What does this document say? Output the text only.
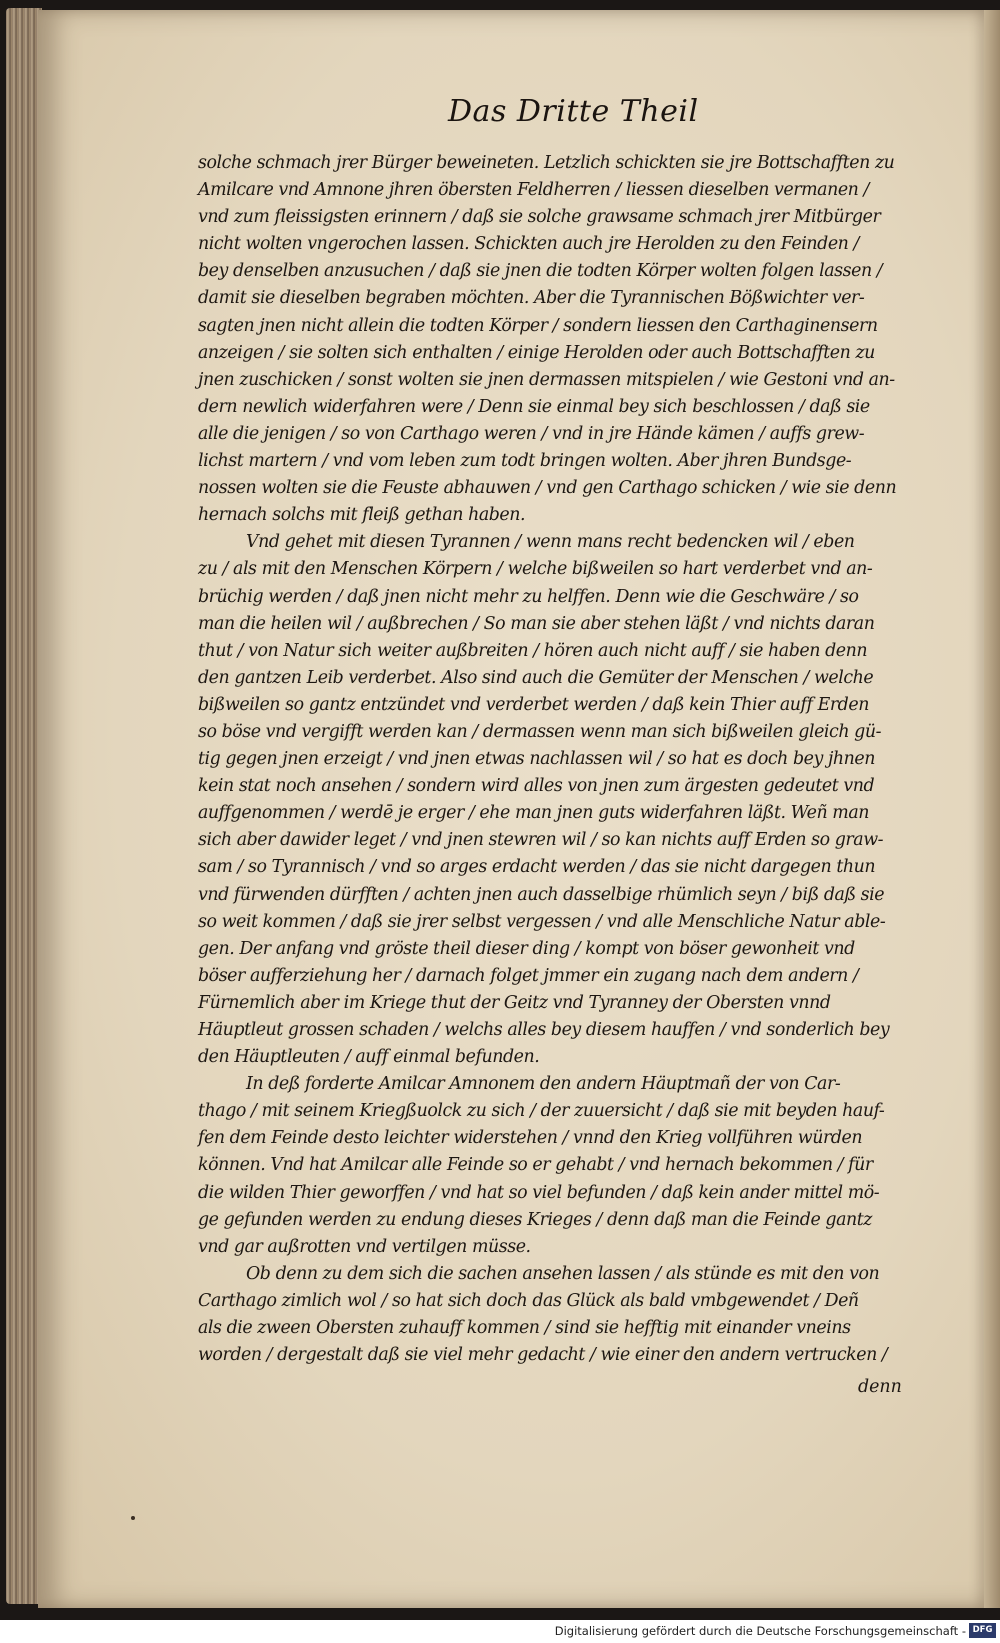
Das Dritte Theil
solche schmach jrer Bürger beweineten. Letzlich schickten sie jre Bottschafften zu
Amilcare vnd Amnone jhren öbersten Feldherren / liessen dieselben vermanen /
vnd zum fleissigsten erinnern / daß sie solche grawsame schmach jrer Mitbürger
nicht wolten vngerochen lassen. Schickten auch jre Herolden zu den Feinden /
bey denselben anzusuchen / daß sie jnen die todten Körper wolten folgen lassen /
damit sie dieselben begraben möchten. Aber die Tyrannischen Bößwichter ver-
sagten jnen nicht allein die todten Körper / sondern liessen den Carthaginensern
anzeigen / sie solten sich enthalten / einige Herolden oder auch Bottschafften zu
jnen zuschicken / sonst wolten sie jnen dermassen mitspielen / wie Gestoni vnd an-
dern newlich widerfahren were / Denn sie einmal bey sich beschlossen / daß sie
alle die jenigen / so von Carthago weren / vnd in jre Hände kämen / auffs grew-
lichst martern / vnd vom leben zum todt bringen wolten. Aber jhren Bundsge-
nossen wolten sie die Feuste abhauwen / vnd gen Carthago schicken / wie sie denn
hernach solchs mit fleiß gethan haben.
Vnd gehet mit diesen Tyrannen / wenn mans recht bedencken wil / eben
zu / als mit den Menschen Körpern / welche bißweilen so hart verderbet vnd an-
brüchig werden / daß jnen nicht mehr zu helffen. Denn wie die Geschwäre / so
man die heilen wil / außbrechen / So man sie aber stehen läßt / vnd nichts daran
thut / von Natur sich weiter außbreiten / hören auch nicht auff / sie haben denn
den gantzen Leib verderbet. Also sind auch die Gemüter der Menschen / welche
bißweilen so gantz entzündet vnd verderbet werden / daß kein Thier auff Erden
so böse vnd vergifft werden kan / dermassen wenn man sich bißweilen gleich gü-
tig gegen jnen erzeigt / vnd jnen etwas nachlassen wil / so hat es doch bey jhnen
kein stat noch ansehen / sondern wird alles von jnen zum ärgesten gedeutet vnd
auffgenommen / werdē je erger / ehe man jnen guts widerfahren läßt. Weñ man
sich aber dawider leget / vnd jnen stewren wil / so kan nichts auff Erden so graw-
sam / so Tyrannisch / vnd so arges erdacht werden / das sie nicht dargegen thun
vnd fürwenden dürfften / achten jnen auch dasselbige rhümlich seyn / biß daß sie
so weit kommen / daß sie jrer selbst vergessen / vnd alle Menschliche Natur able-
gen. Der anfang vnd gröste theil dieser ding / kompt von böser gewonheit vnd
böser aufferziehung her / darnach folget jmmer ein zugang nach dem andern /
Fürnemlich aber im Kriege thut der Geitz vnd Tyranney der Obersten vnnd
Häuptleut grossen schaden / welchs alles bey diesem hauffen / vnd sonderlich bey
den Häuptleuten / auff einmal befunden.
In deß forderte Amilcar Amnonem den andern Häuptmañ der von Car-
thago / mit seinem Kriegßuolck zu sich / der zuuersicht / daß sie mit beyden hauf-
fen dem Feinde desto leichter widerstehen / vnnd den Krieg vollführen würden
können. Vnd hat Amilcar alle Feinde so er gehabt / vnd hernach bekommen / für
die wilden Thier geworffen / vnd hat so viel befunden / daß kein ander mittel mö-
ge gefunden werden zu endung dieses Krieges / denn daß man die Feinde gantz
vnd gar außrotten vnd vertilgen müsse.
Ob denn zu dem sich die sachen ansehen lassen / als stünde es mit den von
Carthago zimlich wol / so hat sich doch das Glück als bald vmbgewendet / Deñ
als die zween Obersten zuhauff kommen / sind sie hefftig mit einander vneins
worden / dergestalt daß sie viel mehr gedacht / wie einer den andern vertrucken /
denn
Digitalisierung gefördert durch die Deutsche Forschungsgemeinschaft - DFG
